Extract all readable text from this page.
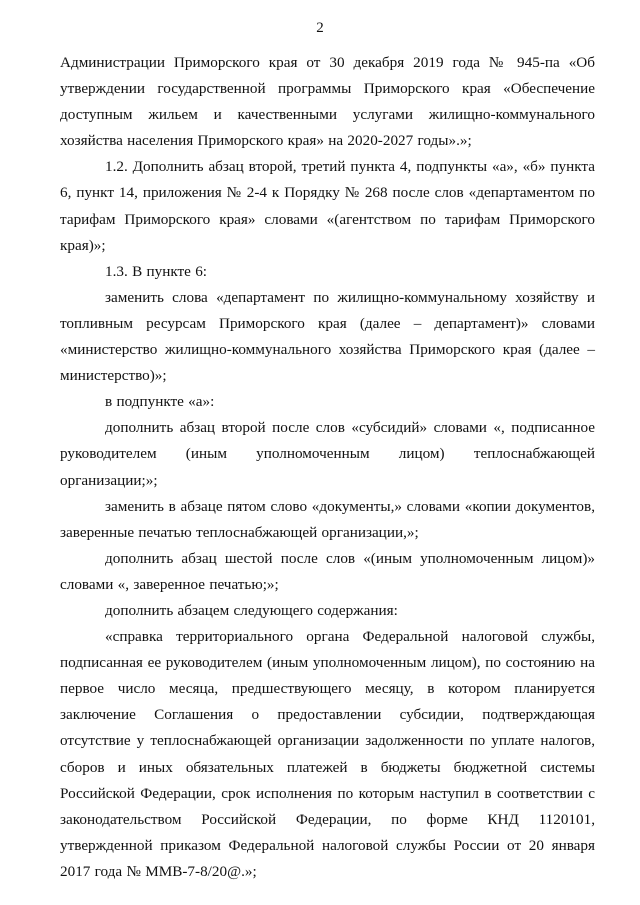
2

Администрации Приморского края от 30 декабря 2019 года № 945-па «Об утверждении государственной программы Приморского края «Обеспечение доступным жильем и качественными услугами жилищно-коммунального хозяйства населения Приморского края» на 2020-2027 годы».»;

1.2. Дополнить абзац второй, третий пункта 4, подпункты «а», «б» пункта 6, пункт 14, приложения № 2-4 к Порядку № 268 после слов «департаментом по тарифам Приморского края» словами «(агентством по тарифам Приморского края)»;

1.3. В пункте 6:

заменить слова «департамент по жилищно-коммунальному хозяйству и топливным ресурсам Приморского края (далее – департамент)» словами «министерство жилищно-коммунального хозяйства Приморского края (далее – министерство)»;

в подпункте «а»:

дополнить абзац второй после слов «субсидий» словами «, подписанное руководителем (иным уполномоченным лицом) теплоснабжающей организации;»;

заменить в абзаце пятом слово «документы,» словами «копии документов, заверенные печатью теплоснабжающей организации,»;

дополнить абзац шестой после слов «(иным уполномоченным лицом)» словами «, заверенное печатью;»;

дополнить абзацем следующего содержания:

«справка территориального органа Федеральной налоговой службы, подписанная ее руководителем (иным уполномоченным лицом), по состоянию на первое число месяца, предшествующего месяцу, в котором планируется заключение Соглашения о предоставлении субсидии, подтверждающая отсутствие у теплоснабжающей организации задолженности по уплате налогов, сборов и иных обязательных платежей в бюджеты бюджетной системы Российской Федерации, срок исполнения по которым наступил в соответствии с законодательством Российской Федерации, по форме КНД 1120101, утвержденной приказом Федеральной налоговой службы России от 20 января 2017 года № ММВ-7-8/20@.»;
